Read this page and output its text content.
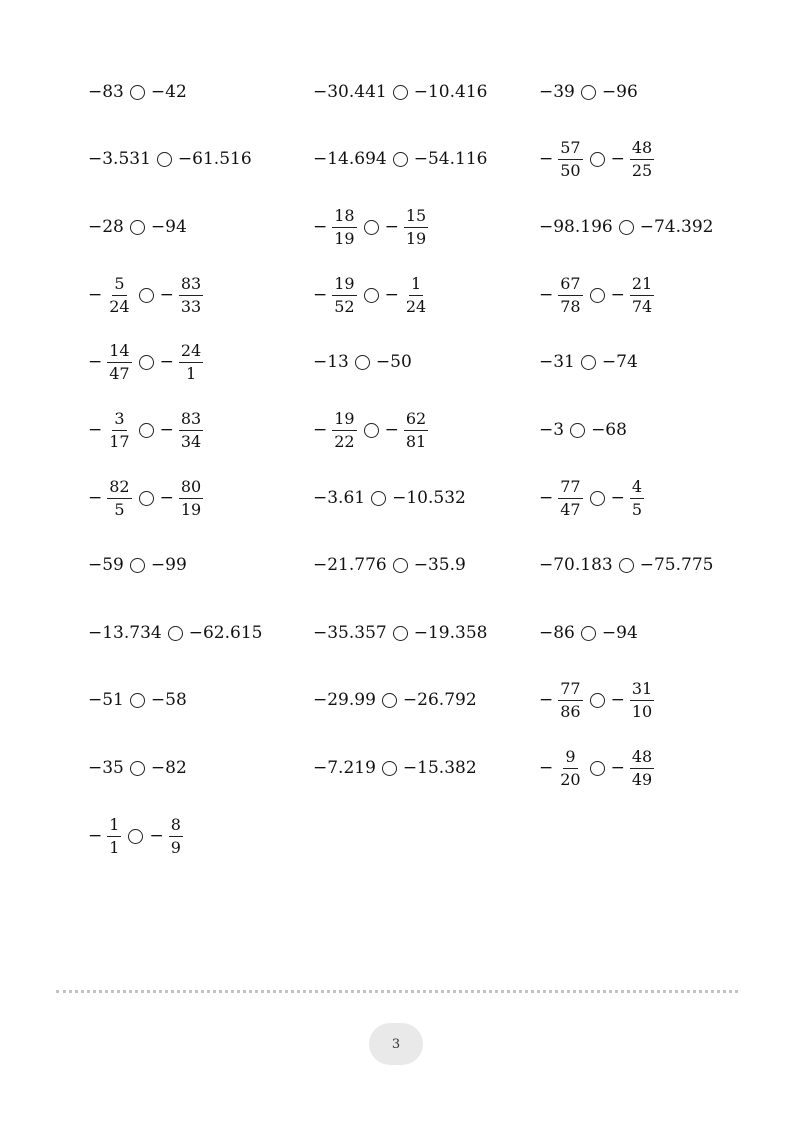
−83 −42	−30.441 −10.416	−39 −96
−3.531 −61.516	−14.694 −54.116	− $\frac{57}{50} - \frac{48}{25}$
−28 −94	− $\frac{18}{19} - \frac{15}{19}$	−98.196 −74.392
− $\frac{5}{24} - \frac{83}{33}$	− $\frac{19}{52} - \frac{1}{24}$	− $\frac{67}{78} - \frac{21}{74}$
− $\frac{14}{47} - \frac{24}{1}$	−13 −50	−31 −74
− $\frac{3}{17} - \frac{83}{34}$	− $\frac{19}{22} - \frac{62}{81}$	−3 −68
− $\frac{82}{5} - \frac{80}{19}$	−3.61 −10.532	− $\frac{77}{47} - \frac{4}{5}$
−59 −99	−21.776 −35.9	−70.183 −75.775
−13.734 −62.615	−35.357 −19.358	−86 −94
−51 −58	−29.99 −26.792	− $\frac{77}{86} - \frac{31}{10}$
−35 −82	−7.219 −15.382	− $\frac{9}{20} - \frac{48}{49}$
− $\frac{1}{1} - \frac{8}{9}$
3
